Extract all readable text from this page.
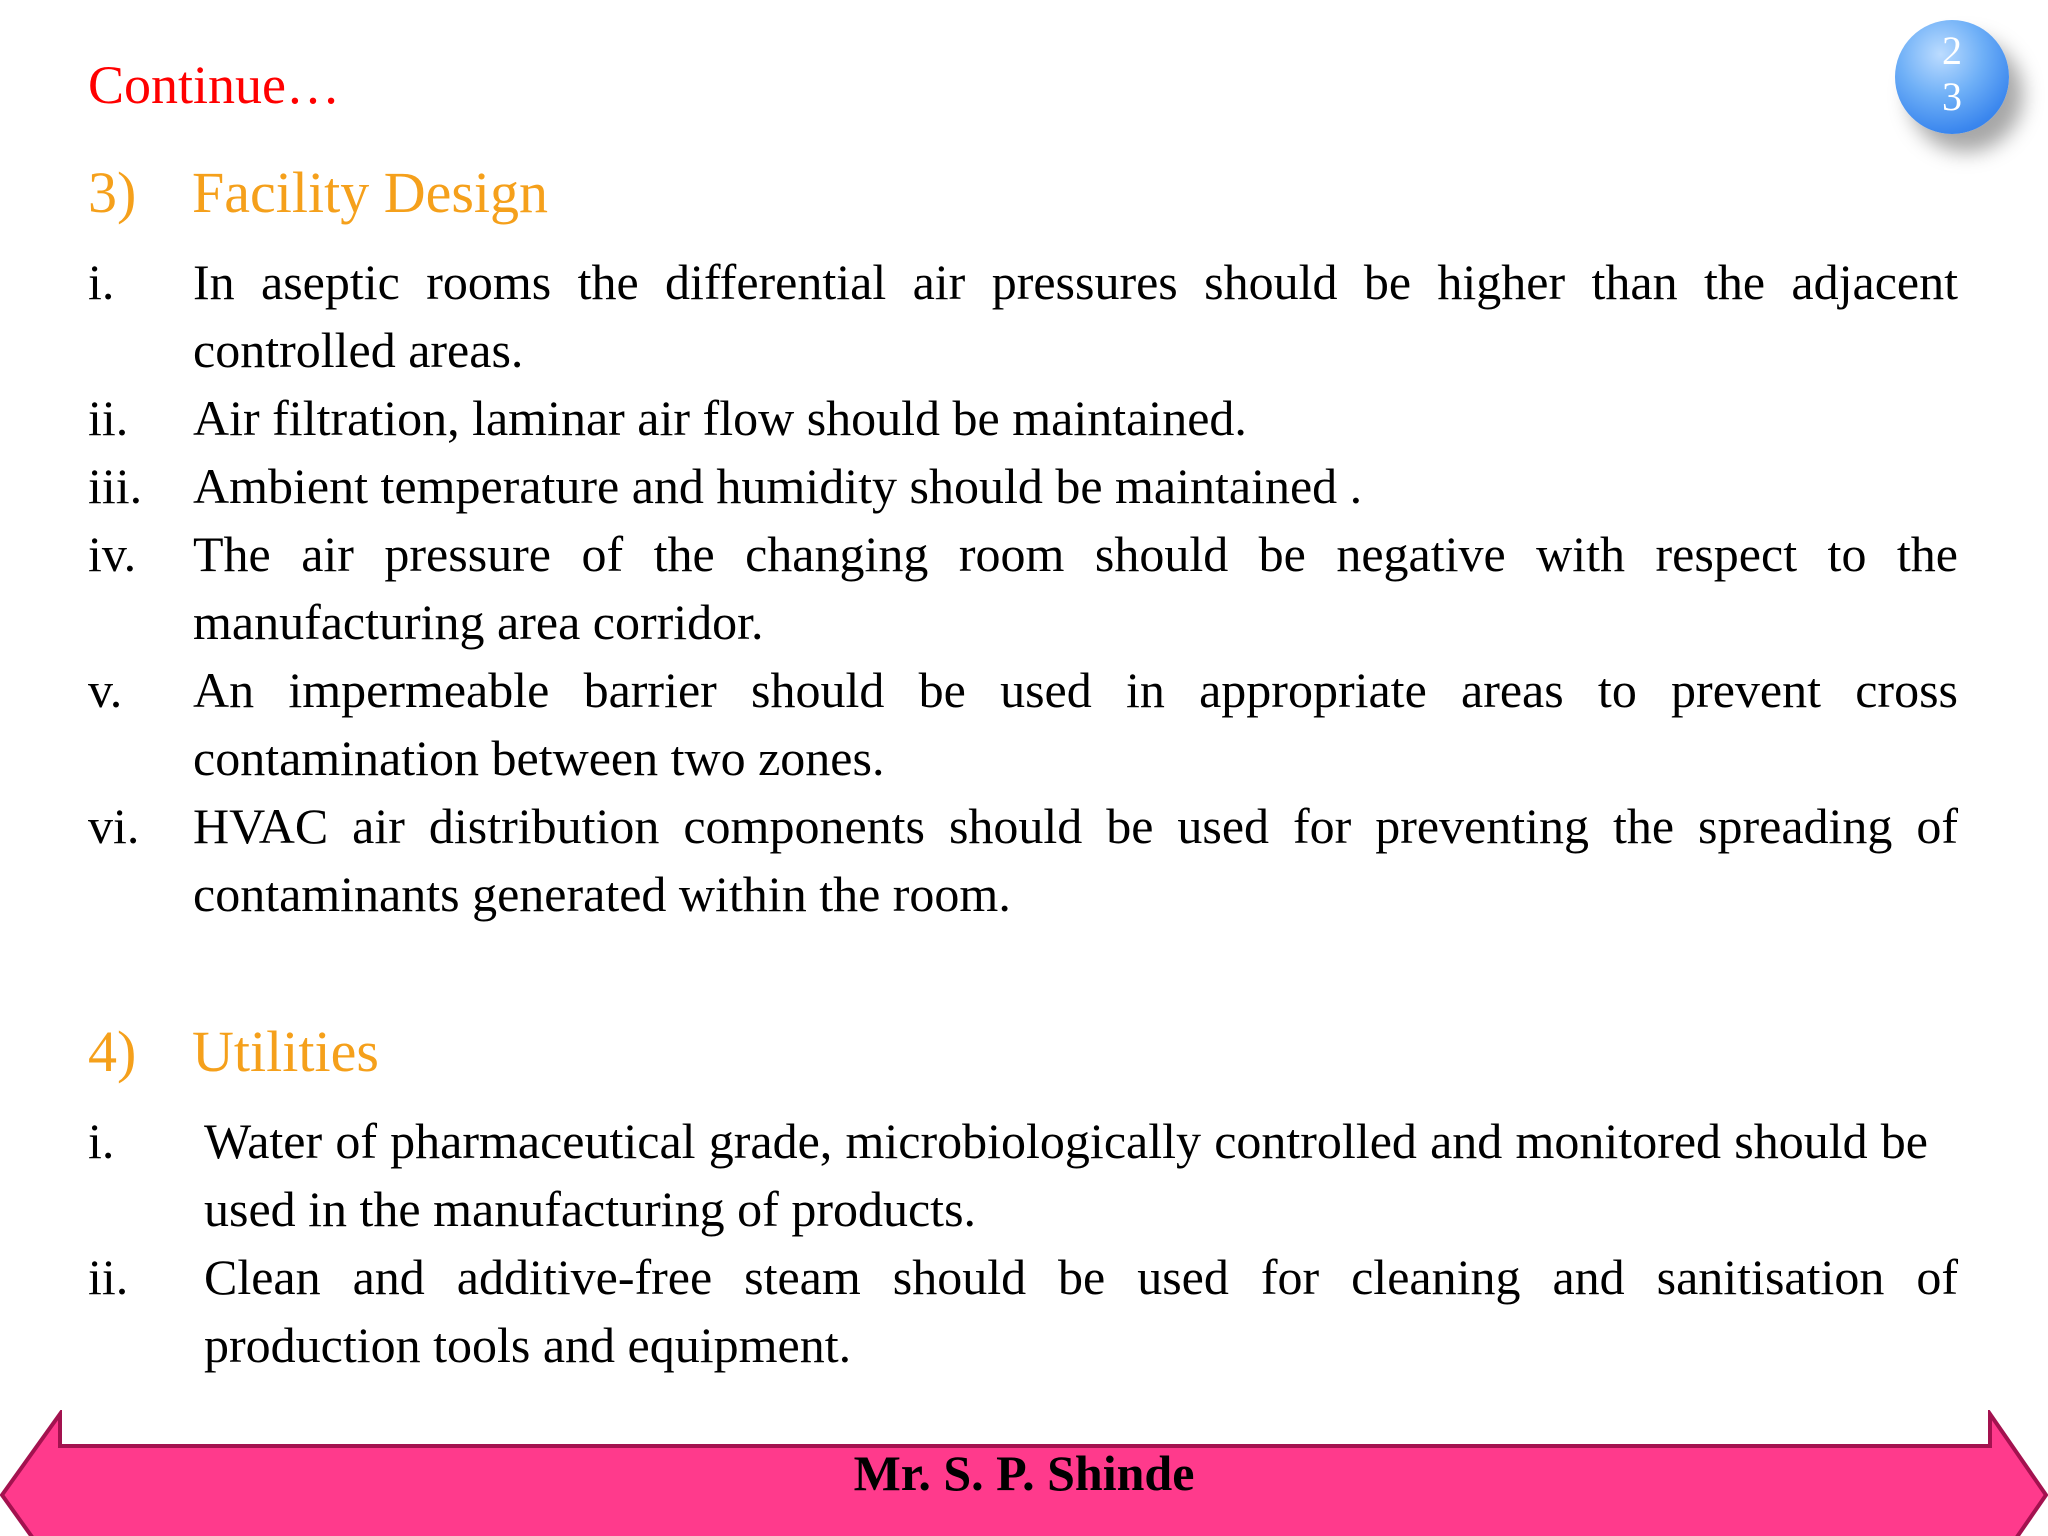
Continue…
23
3) Facility Design
i. In aseptic rooms the differential air pressures should be higher than the adjacent controlled areas.
ii. Air filtration, laminar air flow should be maintained.
iii. Ambient temperature and humidity should be maintained .
iv. The air pressure of the changing room should be negative with respect to the manufacturing area corridor.
v. An impermeable barrier should be used in appropriate areas to prevent cross contamination between two zones.
vi. HVAC air distribution components should be used for preventing the spreading of contaminants generated within the room.
4) Utilities
i. Water of pharmaceutical grade, microbiologically controlled and monitored should be used in the manufacturing of products.
ii. Clean and additive-free steam should be used for cleaning and sanitisation of production tools and equipment.
Mr. S. P. Shinde
